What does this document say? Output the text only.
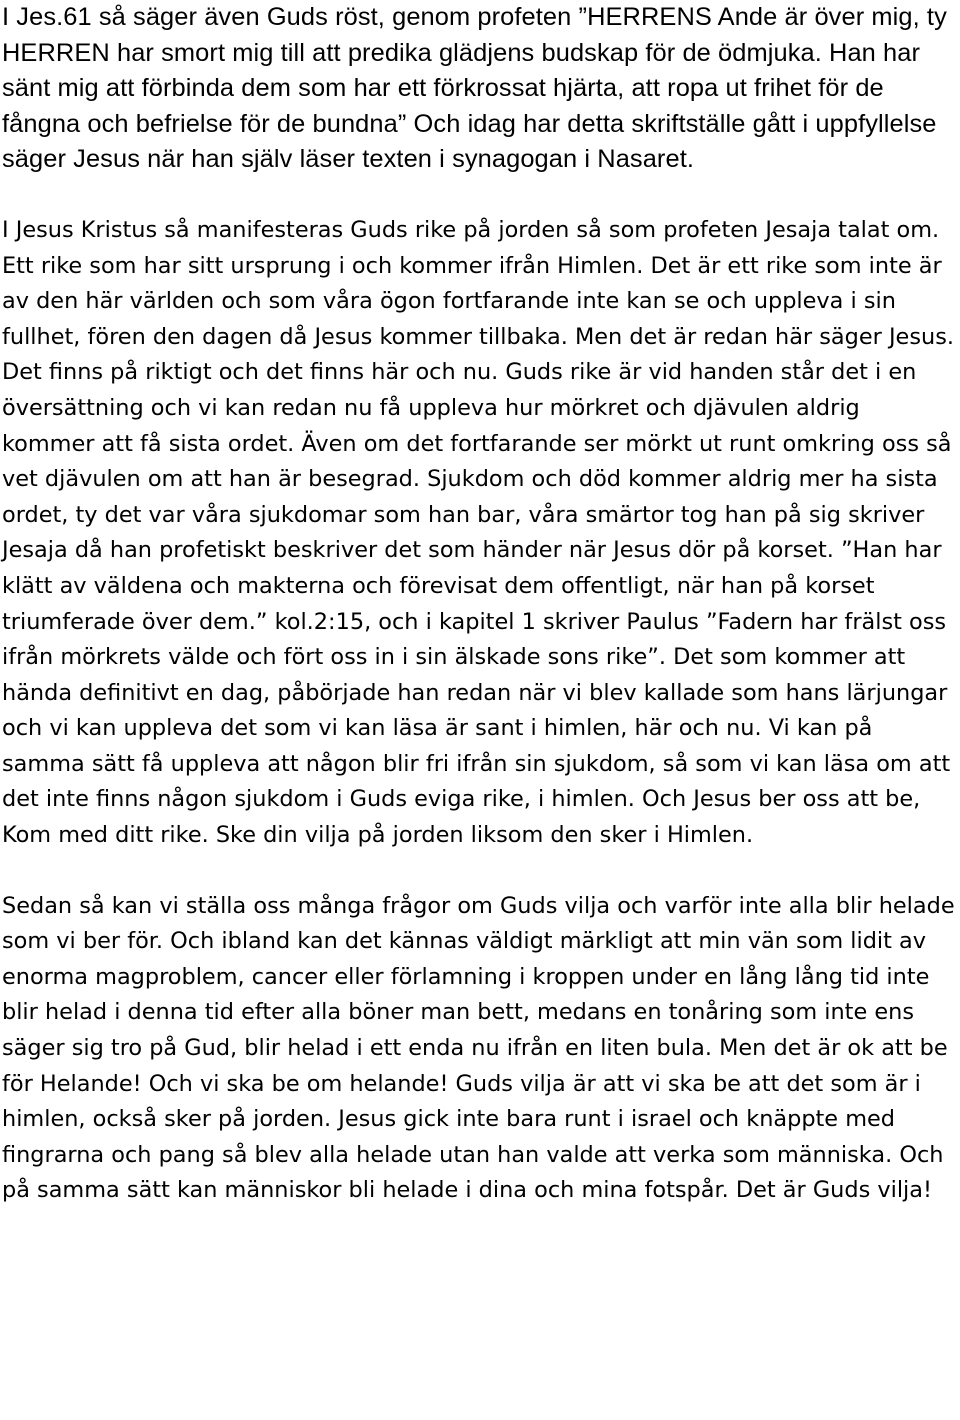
I Jes.61 så säger även Guds röst, genom profeten ”HERRENS Ande är över mig, ty HERREN har smort mig till att predika glädjens budskap för de ödmjuka. Han har sänt mig att förbinda dem som har ett förkrossat hjärta, att ropa ut frihet för de fångna och befrielse för de bundna” Och idag har detta skriftställe gått i uppfyllelse säger Jesus när han själv läser texten i synagogan i Nasaret.

I Jesus Kristus så manifesteras Guds rike på jorden så som profeten Jesaja talat om. Ett rike som har sitt ursprung i och kommer ifrån Himlen. Det är ett rike som inte är av den här världen och som våra ögon fortfarande inte kan se och uppleva i sin fullhet, fören den dagen då Jesus kommer tillbaka. Men det är redan här säger Jesus. Det finns på riktigt och det finns här och nu. Guds rike är vid handen står det i en översättning och vi kan redan nu få uppleva hur mörkret och djävulen aldrig kommer att få sista ordet. Även om det fortfarande ser mörkt ut runt omkring oss så vet djävulen om att han är besegrad. Sjukdom och död kommer aldrig mer ha sista ordet, ty det var våra sjukdomar som han bar, våra smärtor tog han på sig skriver Jesaja då han profetiskt beskriver det som händer när Jesus dör på korset. ”Han har klätt av väldena och makterna och förevisat dem offentligt, när han på korset triumferade över dem.” kol.2:15, och i kapitel 1 skriver Paulus ”Fadern har frälst oss ifrån mörkrets välde och fört oss in i sin älskade sons rike”. Det som kommer att hända definitivt en dag, påbörjade han redan när vi blev kallade som hans lärjungar och vi kan uppleva det som vi kan läsa är sant i himlen, här och nu. Vi kan på samma sätt få uppleva att någon blir fri ifrån sin sjukdom, så som vi kan läsa om att det inte finns någon sjukdom i Guds eviga rike, i himlen. Och Jesus ber oss att be, Kom med ditt rike. Ske din vilja på jorden liksom den sker i Himlen.

Sedan så kan vi ställa oss många frågor om Guds vilja och varför inte alla blir helade som vi ber för. Och ibland kan det kännas väldigt märkligt att min vän som lidit av enorma magproblem, cancer eller förlamning i kroppen under en lång lång tid inte blir helad i denna tid efter alla böner man bett, medans en tonåring som inte ens säger sig tro på Gud, blir helad i ett enda nu ifrån en liten bula. Men det är ok att be för Helande! Och vi ska be om helande! Guds vilja är att vi ska be att det som är i himlen, också sker på jorden. Jesus gick inte bara runt i israel och knäppte med fingrarna och pang så blev alla helade utan han valde att verka som människa. Och på samma sätt kan människor bli helade i dina och mina fotspår. Det är Guds vilja!
